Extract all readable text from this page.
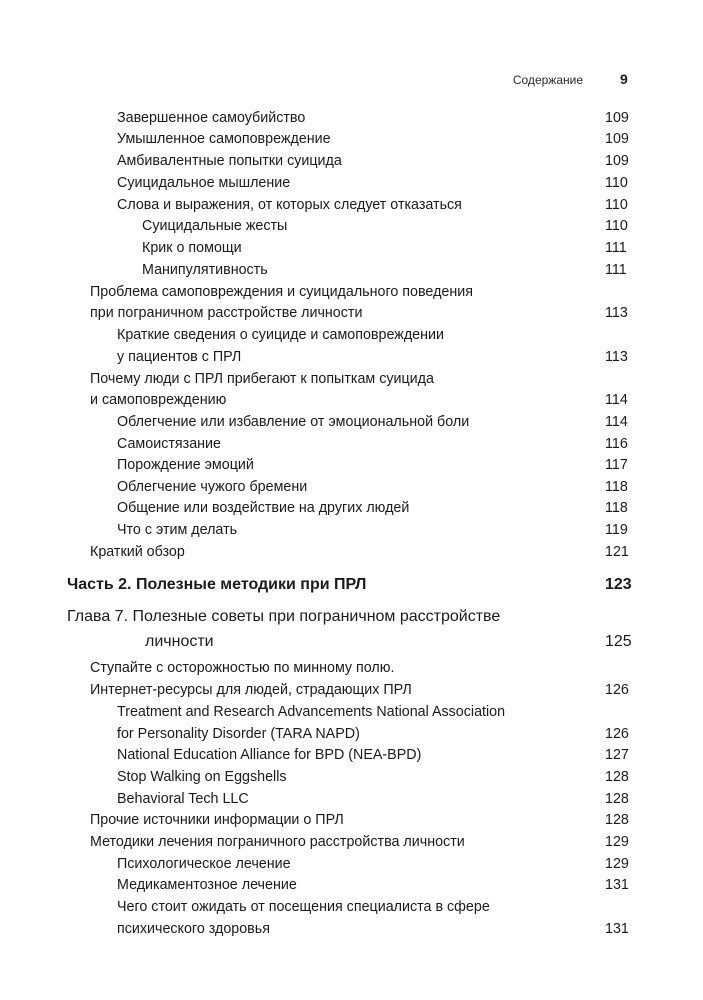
Содержание	9
Завершенное самоубийство	109
Умышленное самоповреждение	109
Амбивалентные попытки суицида	109
Суицидальное мышление	110
Слова и выражения, от которых следует отказаться	110
Суицидальные жесты	110
Крик о помощи	111
Манипулятивность	111
Проблема самоповреждения и суицидального поведения
при пограничном расстройстве личности	113
Краткие сведения о суициде и самоповреждении
у пациентов с ПРЛ	113
Почему люди с ПРЛ прибегают к попыткам суицида
и самоповреждению	114
Облегчение или избавление от эмоциональной боли	114
Самоистязание	116
Порождение эмоций	117
Облегчение чужого бремени	118
Общение или воздействие на других людей	118
Что с этим делать	119
Краткий обзор	121
Часть 2. Полезные методики при ПРЛ	123
Глава 7. Полезные советы при пограничном расстройстве
личности	125
Ступайте с осторожностью по минному полю.
Интернет-ресурсы для людей, страдающих ПРЛ	126
Treatment and Research Advancements National Association
for Personality Disorder (TARA NAPD)	126
National Education Alliance for BPD (NEA-BPD)	127
Stop Walking on Eggshells	128
Behavioral Tech LLC	128
Прочие источники информации о ПРЛ	128
Методики лечения пограничного расстройства личности	129
Психологическое лечение	129
Медикаментозное лечение	131
Чего стоит ожидать от посещения специалиста в сфере
психического здоровья	131
